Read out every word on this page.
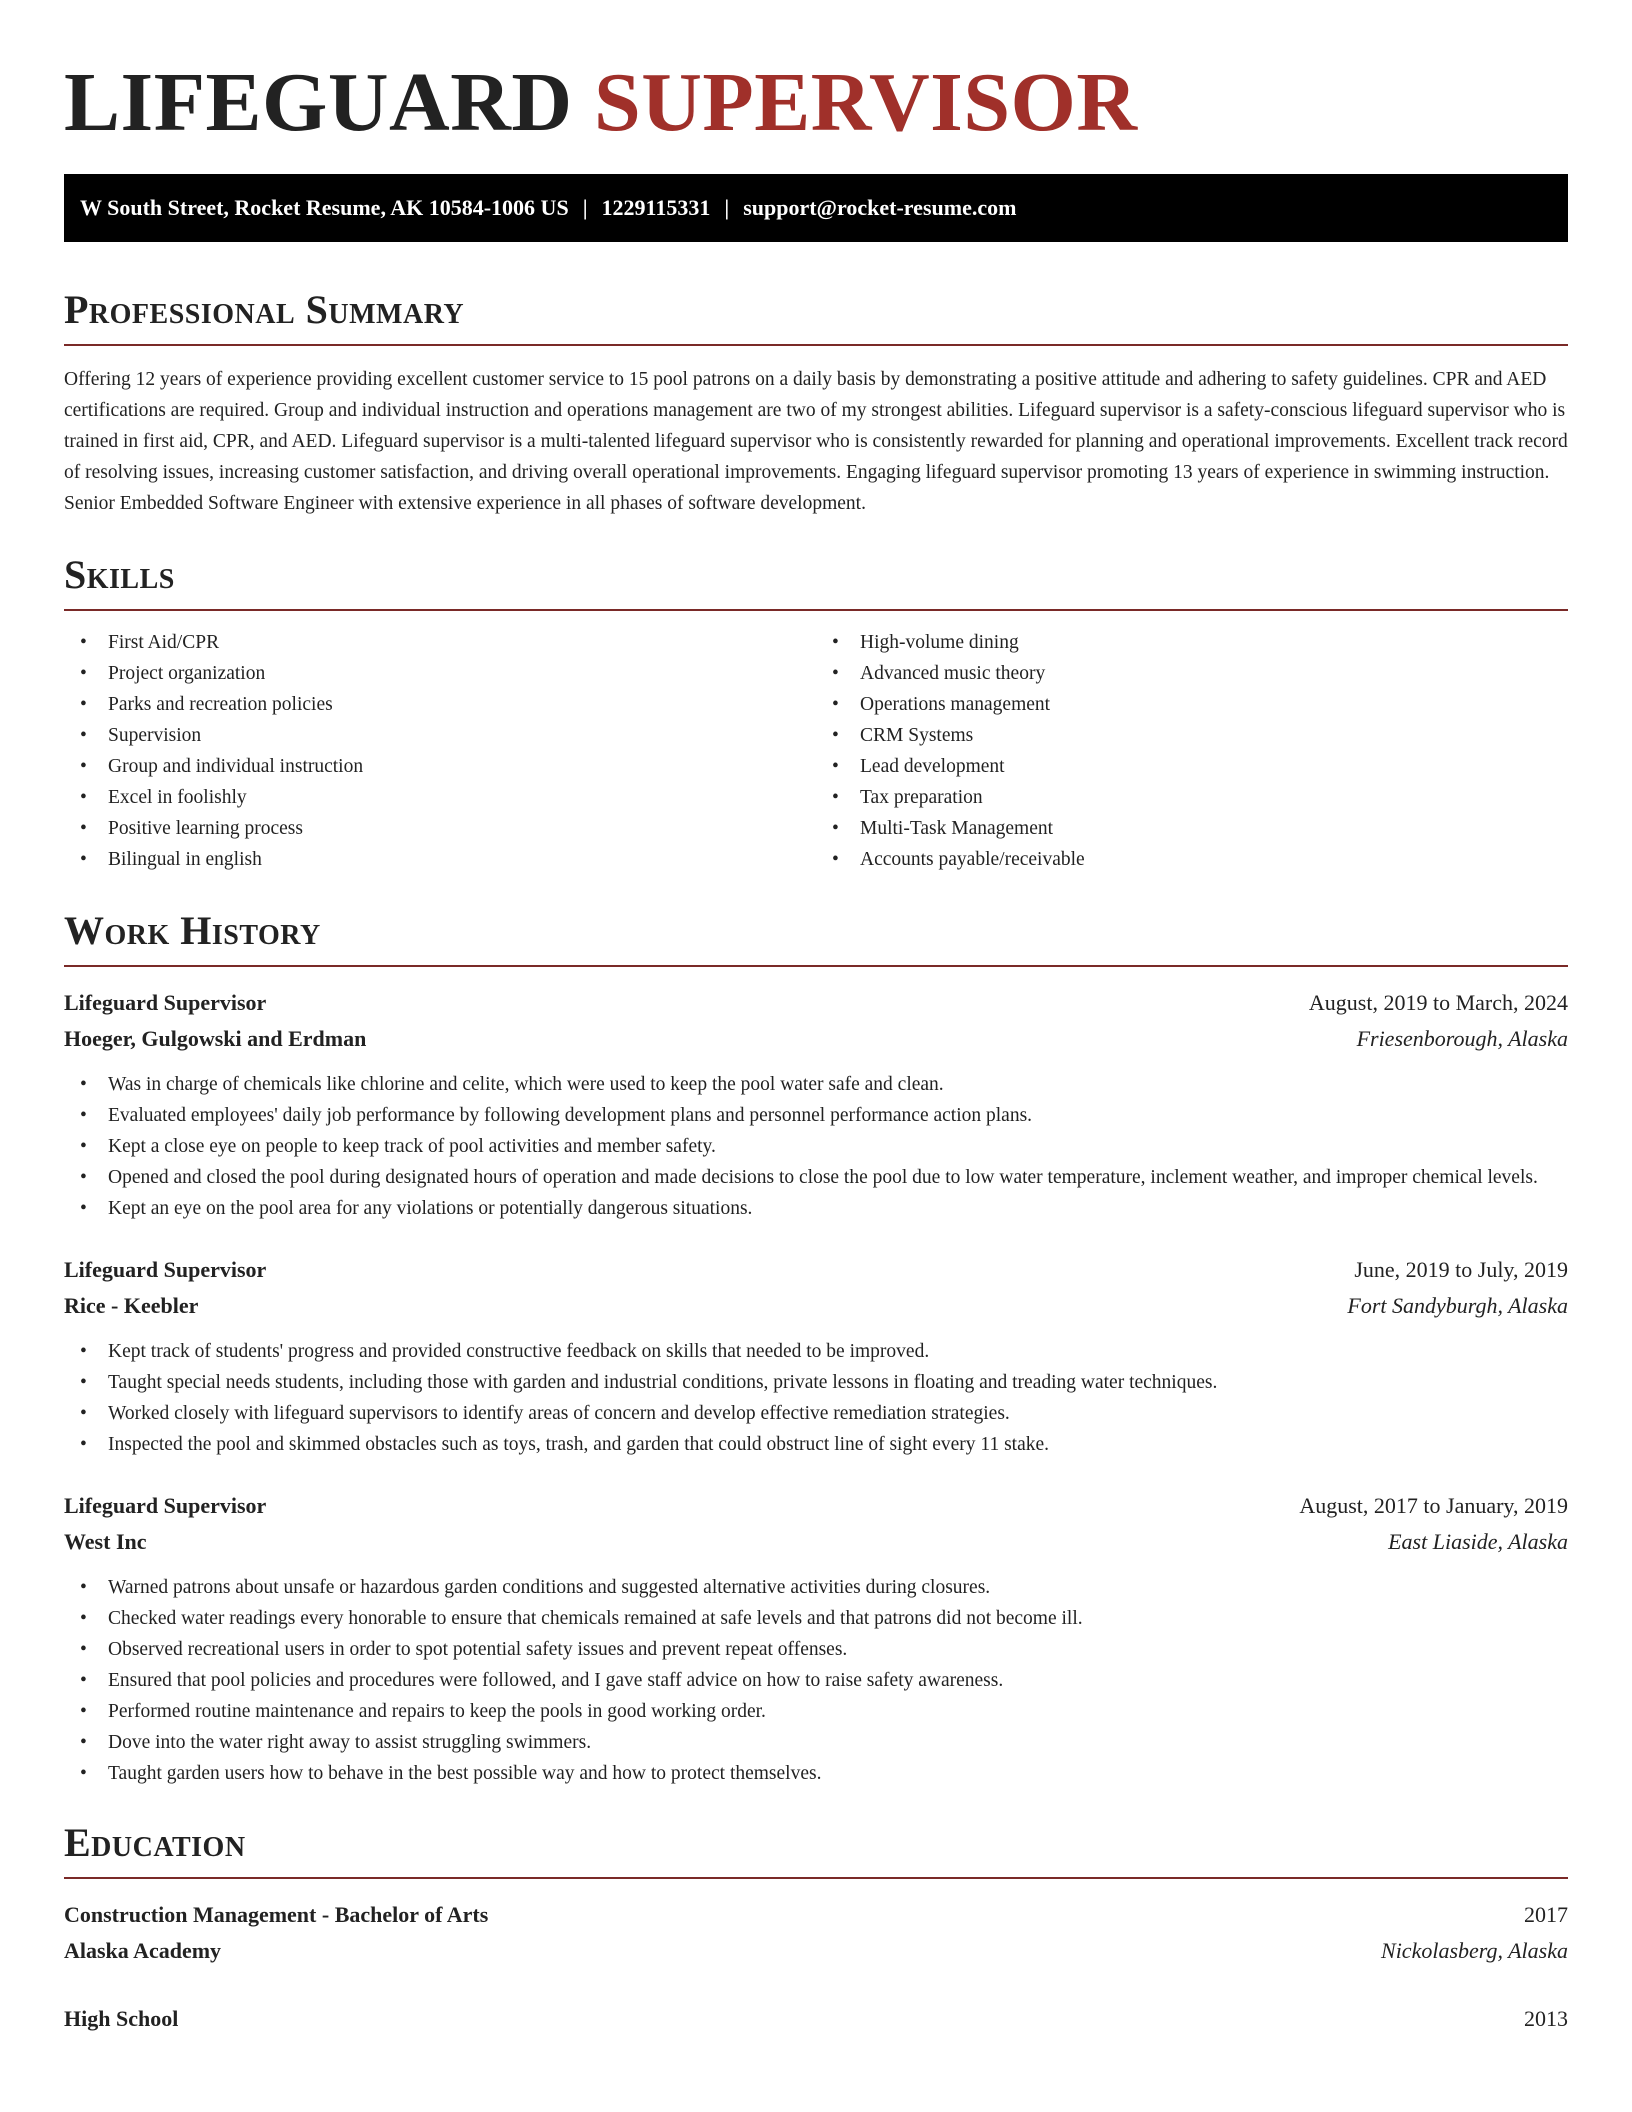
LIFEGUARD SUPERVISOR
W South Street, Rocket Resume, AK 10584-1006 US | 1229115331 | support@rocket-resume.com
Professional Summary

Offering 12 years of experience providing excellent customer service to 15 pool patrons on a daily basis by demonstrating a positive attitude and adhering to safety guidelines. CPR and AED certifications are required. Group and individual instruction and operations management are two of my strongest abilities. Lifeguard supervisor is a safety-conscious lifeguard supervisor who is trained in first aid, CPR, and AED. Lifeguard supervisor is a multi-talented lifeguard supervisor who is consistently rewarded for planning and operational improvements. Excellent track record of resolving issues, increasing customer satisfaction, and driving overall operational improvements. Engaging lifeguard supervisor promoting 13 years of experience in swimming instruction. Senior Embedded Software Engineer with extensive experience in all phases of software development.

Skills
• First Aid/CPR
• Project organization
• Parks and recreation policies
• Supervision
• Group and individual instruction
• Excel in foolishly
• Positive learning process
• Bilingual in english
• High-volume dining
• Advanced music theory
• Operations management
• CRM Systems
• Lead development
• Tax preparation
• Multi-Task Management
• Accounts payable/receivable
Work History
Lifeguard Supervisor	August, 2019 to March, 2024
Hoeger, Gulgowski and Erdman	Friesenborough, Alaska
• Was in charge of chemicals like chlorine and celite, which were used to keep the pool water safe and clean.
• Evaluated employees' daily job performance by following development plans and personnel performance action plans.
• Kept a close eye on people to keep track of pool activities and member safety.
• Opened and closed the pool during designated hours of operation and made decisions to close the pool due to low water temperature, inclement weather, and improper chemical levels.
• Kept an eye on the pool area for any violations or potentially dangerous situations.
Lifeguard Supervisor	June, 2019 to July, 2019
Rice - Keebler	Fort Sandyburgh, Alaska
• Kept track of students' progress and provided constructive feedback on skills that needed to be improved.
• Taught special needs students, including those with garden and industrial conditions, private lessons in floating and treading water techniques.
• Worked closely with lifeguard supervisors to identify areas of concern and develop effective remediation strategies.
• Inspected the pool and skimmed obstacles such as toys, trash, and garden that could obstruct line of sight every 11 stake.
Lifeguard Supervisor	August, 2017 to January, 2019
West Inc	East Liaside, Alaska
• Warned patrons about unsafe or hazardous garden conditions and suggested alternative activities during closures.
• Checked water readings every honorable to ensure that chemicals remained at safe levels and that patrons did not become ill.
• Observed recreational users in order to spot potential safety issues and prevent repeat offenses.
• Ensured that pool policies and procedures were followed, and I gave staff advice on how to raise safety awareness.
• Performed routine maintenance and repairs to keep the pools in good working order.
• Dove into the water right away to assist struggling swimmers.
• Taught garden users how to behave in the best possible way and how to protect themselves.
Education
Construction Management - Bachelor of Arts	2017
Alaska Academy	Nickolasberg, Alaska
High School	2013
